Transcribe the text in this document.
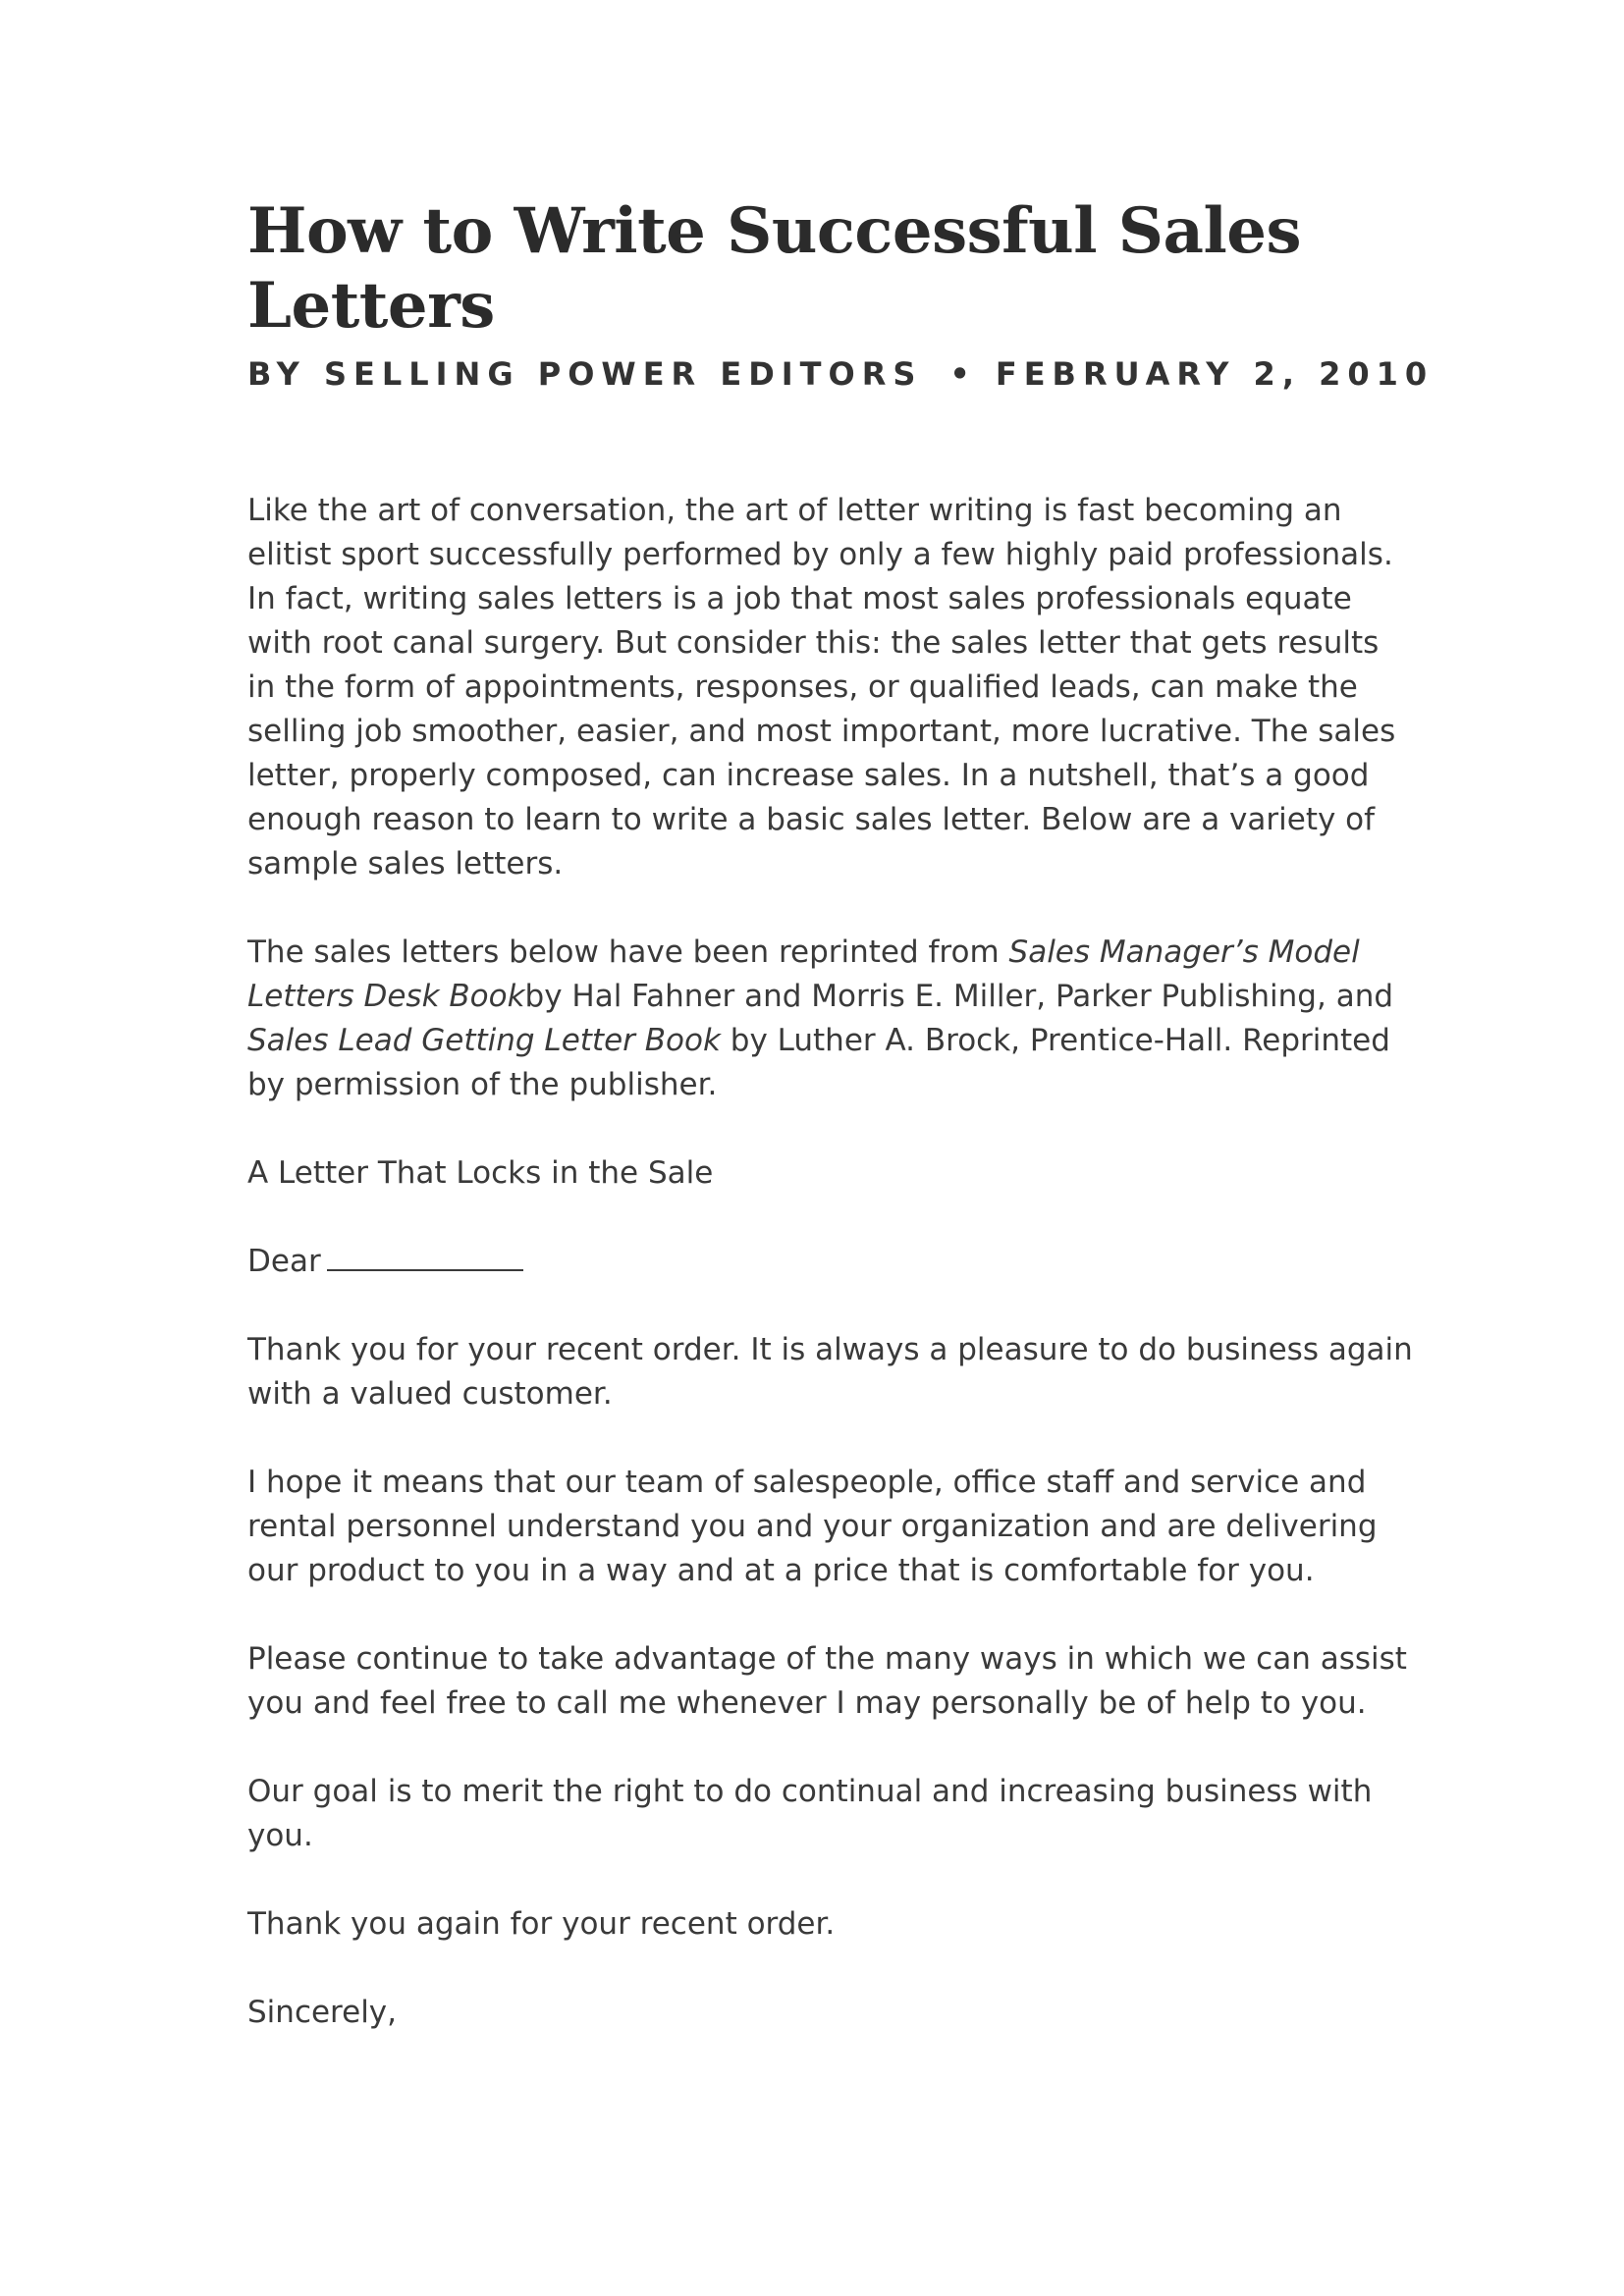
How to Write Successful Sales Letters
BY SELLING POWER EDITORS • FEBRUARY 2, 2010

Like the art of conversation, the art of letter writing is fast becoming an elitist sport successfully performed by only a few highly paid professionals. In fact, writing sales letters is a job that most sales professionals equate with root canal surgery. But consider this: the sales letter that gets results in the form of appointments, responses, or qualified leads, can make the selling job smoother, easier, and most important, more lucrative. The sales letter, properly composed, can increase sales. In a nutshell, that’s a good enough reason to learn to write a basic sales letter. Below are a variety of sample sales letters.

The sales letters below have been reprinted from Sales Manager’s Model Letters Desk Bookby Hal Fahner and Morris E. Miller, Parker Publishing, and Sales Lead Getting Letter Book by Luther A. Brock, Prentice-Hall. Reprinted by permission of the publisher.

A Letter That Locks in the Sale

Dear

Thank you for your recent order. It is always a pleasure to do business again with a valued customer.

I hope it means that our team of salespeople, office staff and service and rental personnel understand you and your organization and are delivering our product to you in a way and at a price that is comfortable for you.

Please continue to take advantage of the many ways in which we can assist you and feel free to call me whenever I may personally be of help to you.

Our goal is to merit the right to do continual and increasing business with you.

Thank you again for your recent order.

Sincerely,
